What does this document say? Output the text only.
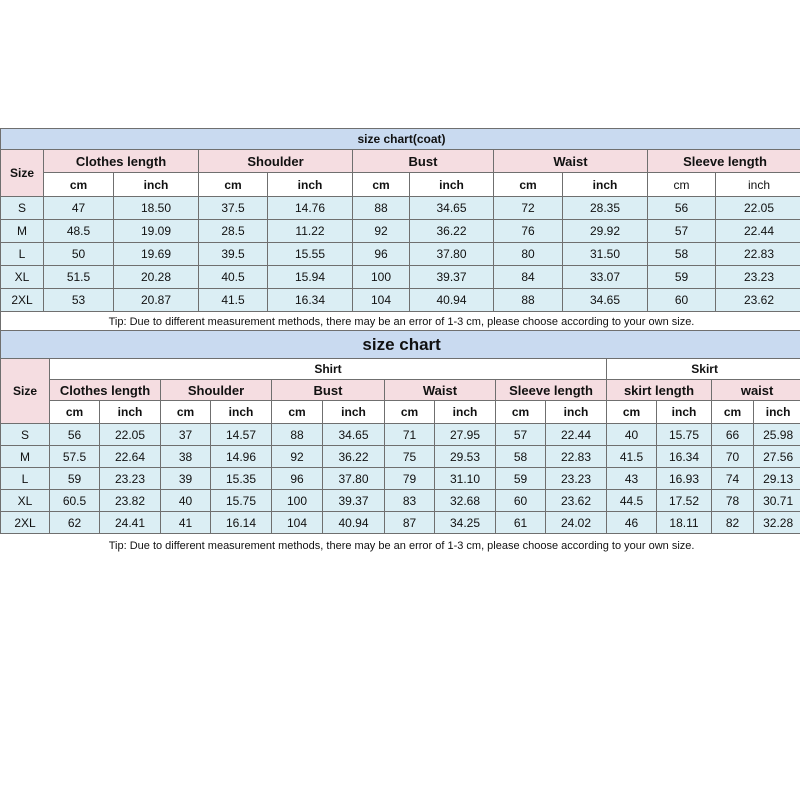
size chart(coat)										
Size	Clothes length		Shoulder		Bust		Waist		Sleeve length	
	cm	inch	cm	inch	cm	inch	cm	inch	cm	inch
S	47	18.50	37.5	14.76	88	34.65	72	28.35	56	22.05
M	48.5	19.09	28.5	11.22	92	36.22	76	29.92	57	22.44
L	50	19.69	39.5	15.55	96	37.80	80	31.50	58	22.83
XL	51.5	20.28	40.5	15.94	100	39.37	84	33.07	59	23.23
2XL	53	20.87	41.5	16.34	104	40.94	88	34.65	60	23.62
Tip: Due to different measurement methods, there may be an error of 1-3 cm, please choose according to your own size.										
size chart														
Size	Shirt										Skirt			
	Clothes length		Shoulder		Bust		Waist		Sleeve length		skirt length		waist	
	cm	inch	cm	inch	cm	inch	cm	inch	cm	inch	cm	inch	cm	inch
S	56	22.05	37	14.57	88	34.65	71	27.95	57	22.44	40	15.75	66	25.98
M	57.5	22.64	38	14.96	92	36.22	75	29.53	58	22.83	41.5	16.34	70	27.56
L	59	23.23	39	15.35	96	37.80	79	31.10	59	23.23	43	16.93	74	29.13
XL	60.5	23.82	40	15.75	100	39.37	83	32.68	60	23.62	44.5	17.52	78	30.71
2XL	62	24.41	41	16.14	104	40.94	87	34.25	61	24.02	46	18.11	82	32.28
Tip: Due to different measurement methods, there may be an error of 1-3 cm, please choose according to your own size.														
